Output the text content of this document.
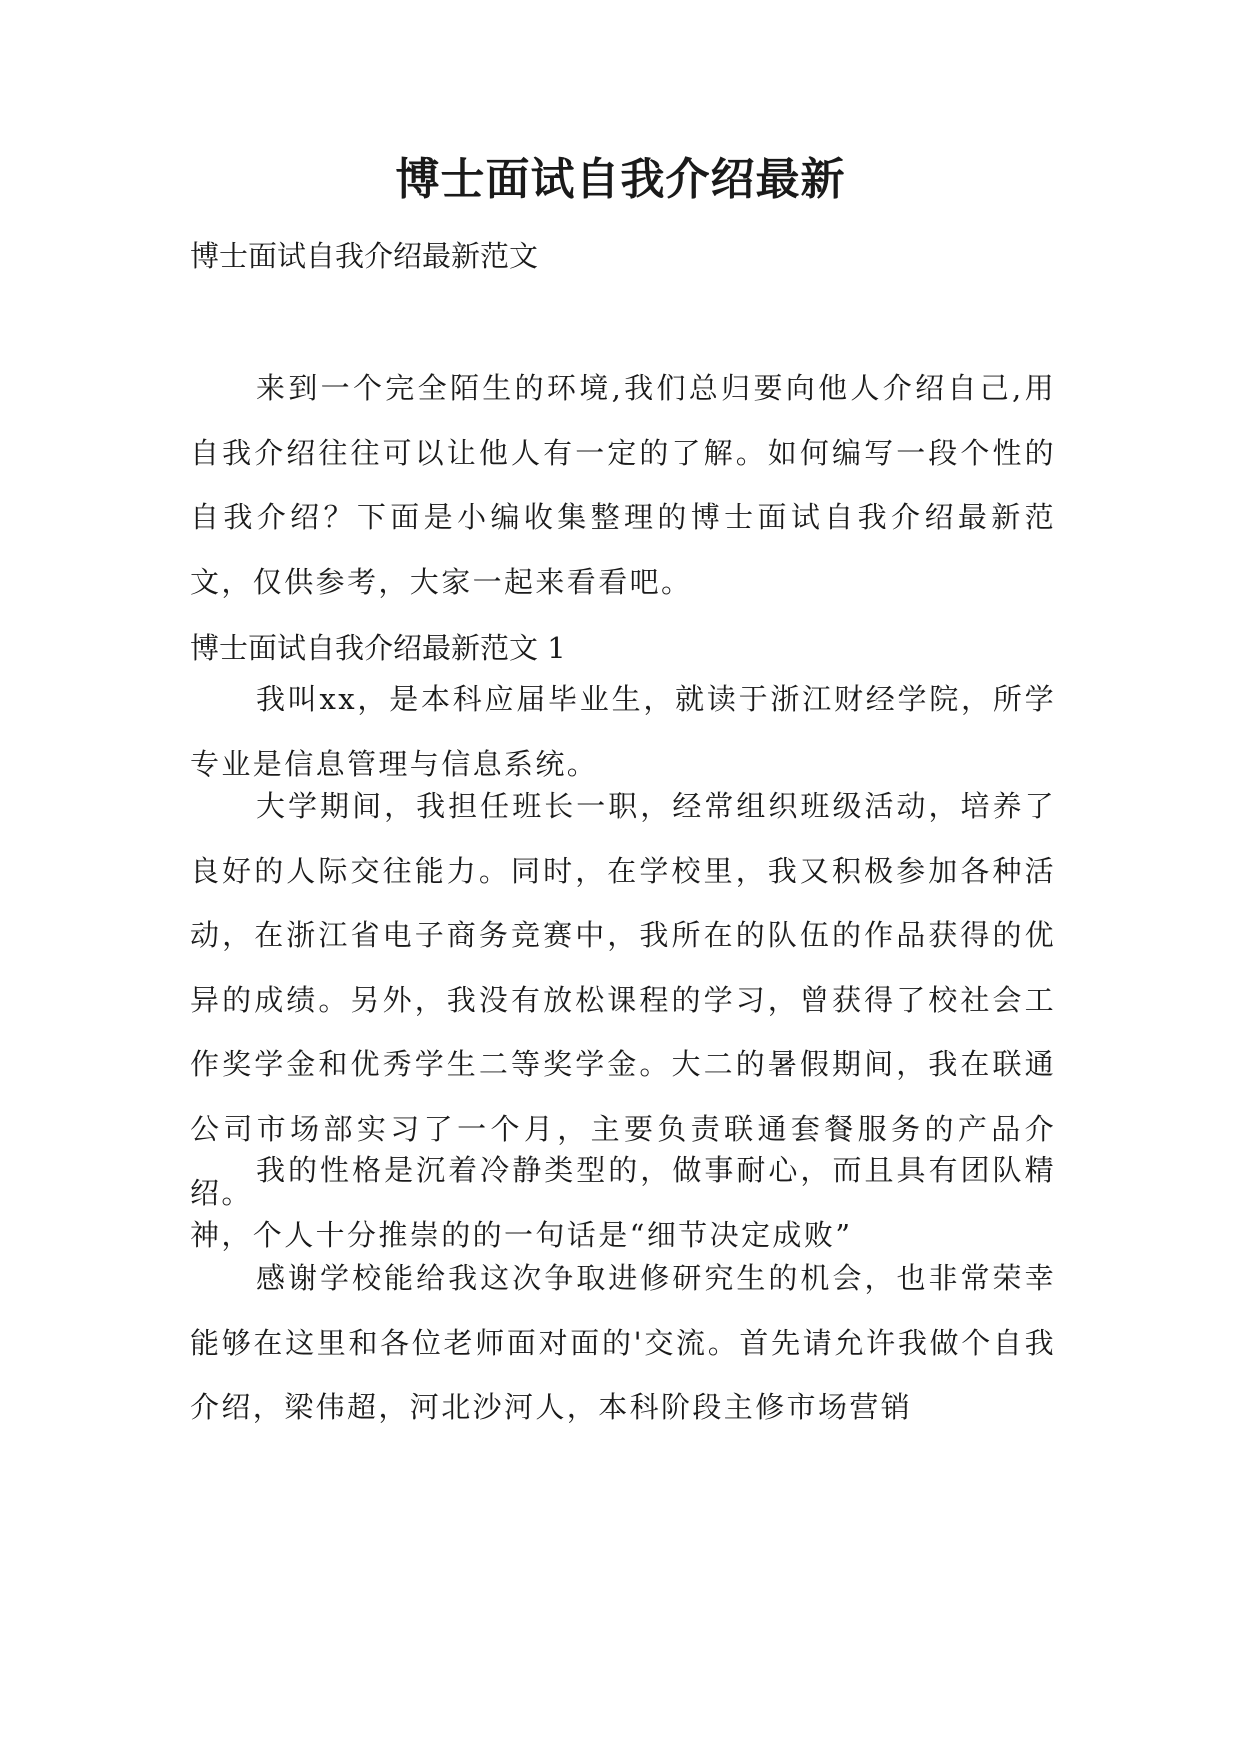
博士面试自我介绍最新

博士面试自我介绍最新范文

来到一个完全陌生的环境,我们总归要向他人介绍自己,用自我介绍往往可以让他人有一定的了解。如何编写一段个性的自我介绍？下面是小编收集整理的博士面试自我介绍最新范文，仅供参考，大家一起来看看吧。

博士面试自我介绍最新范文 1

我叫xx，是本科应届毕业生，就读于浙江财经学院，所学专业是信息管理与信息系统。

大学期间，我担任班长一职，经常组织班级活动，培养了良好的人际交往能力。同时，在学校里，我又积极参加各种活动，在浙江省电子商务竞赛中，我所在的队伍的作品获得的优异的成绩。另外，我没有放松课程的学习，曾获得了校社会工作奖学金和优秀学生二等奖学金。大二的暑假期间，我在联通公司市场部实习了一个月，主要负责联通套餐服务的产品介绍。

我的性格是沉着冷静类型的，做事耐心，而且具有团队精神，个人十分推崇的的一句话是“细节决定成败”

感谢学校能给我这次争取进修研究生的机会，也非常荣幸能够在这里和各位老师面对面的'交流。首先请允许我做个自我介绍，梁伟超，河北沙河人，本科阶段主修市场营销
